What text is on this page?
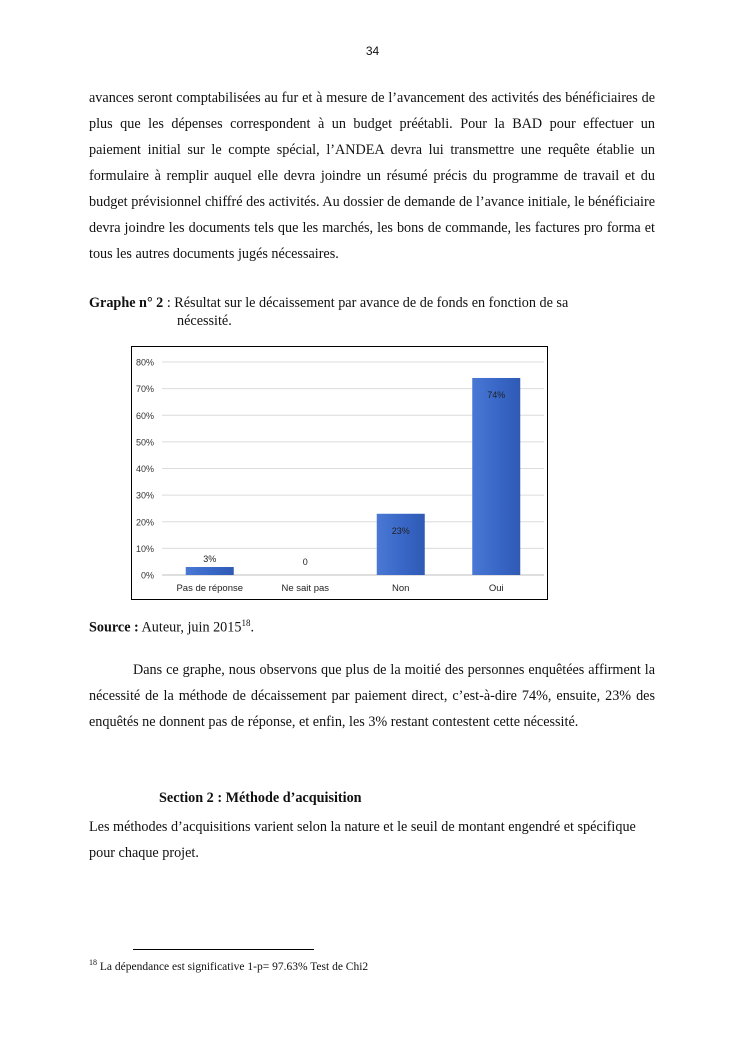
34

avances seront comptabilisées au fur et à mesure de l’avancement des activités des bénéficiaires de plus que les dépenses correspondent à un budget préétabli. Pour la BAD pour effectuer un paiement initial sur le compte spécial, l’ANDEA devra lui transmettre une requête établie un formulaire à remplir auquel elle devra joindre un résumé précis du programme de travail et du budget prévisionnel chiffré des activités. Au dossier de demande de l’avance initiale, le bénéficiaire devra joindre les documents tels que les marchés, les bons de commande, les factures pro forma et tous les autres documents jugés nécessaires.

Graphe n° 2 : Résultat sur le décaissement par avance de de fonds en fonction de sa
nécessité.
0%
10%
20%
30%
40%
50%
60%
70%
80%
Pas de réponse
3%
Ne sait pas
0
Non
23%
Oui
74%
Source : Auteur, juin 2015$^{18}$.

Dans ce graphe, nous observons que plus de la moitié des personnes enquêtées affirment la nécessité de la méthode de décaissement par paiement direct, c’est-à-dire 74%, ensuite, 23% des enquêtés ne donnent pas de réponse, et enfin, les 3% restant contestent cette nécessité.

Section 2 : Méthode d’acquisition

Les méthodes d’acquisitions varient selon la nature et le seuil de montant engendré et spécifique pour chaque projet.

$^{18}$ La dépendance est significative 1-p= 97.63% Test de Chi2
